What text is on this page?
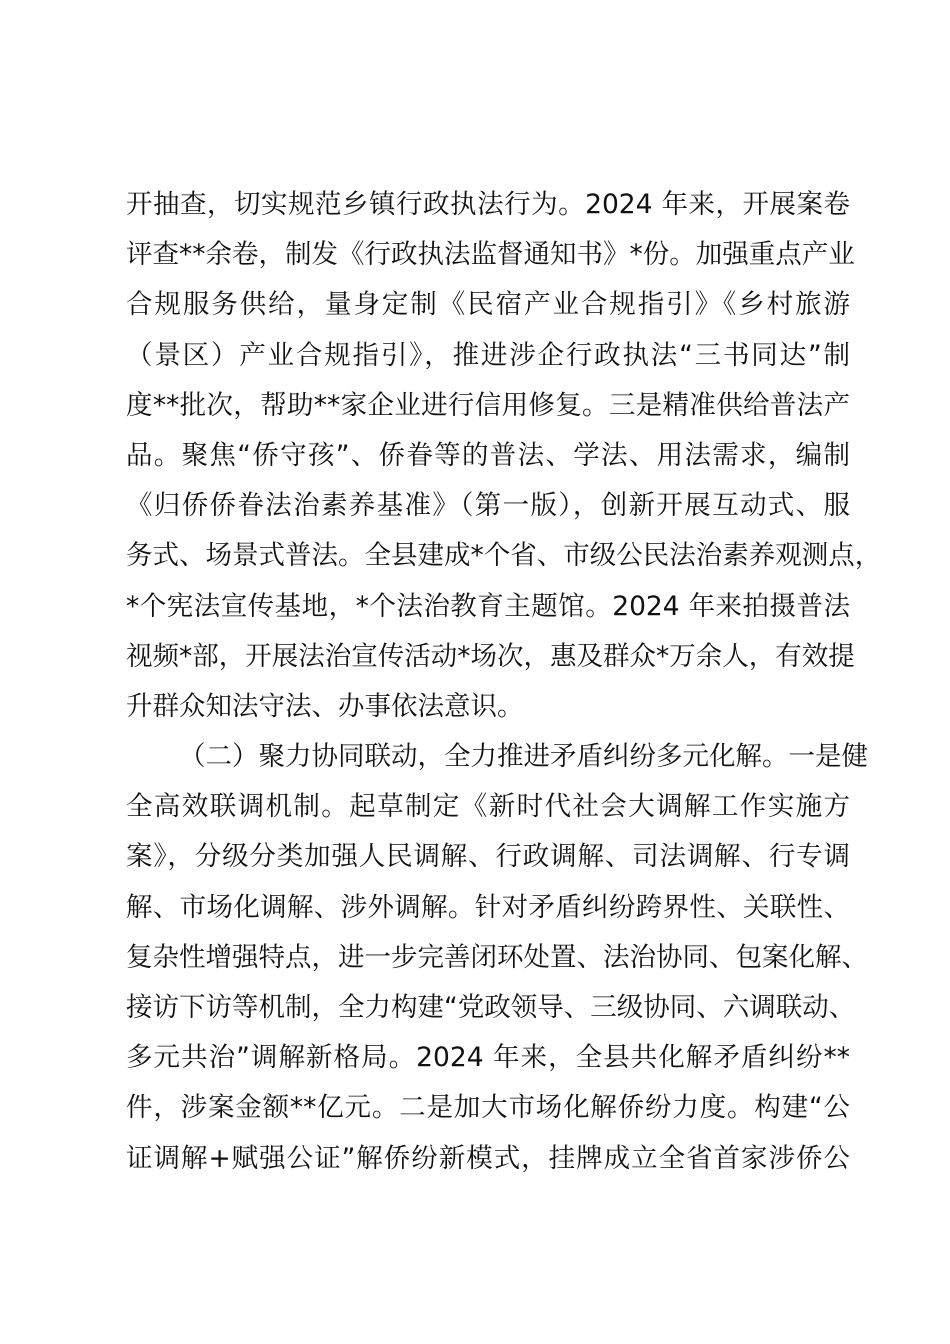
开抽查，切实规范乡镇行政执法行为。2024 年来，开展案卷
评查**余卷，制发《行政执法监督通知书》*份。加强重点产业
合规服务供给，量身定制《民宿产业合规指引》《乡村旅游
（景区）产业合规指引》，推进涉企行政执法“三书同达”制
度**批次，帮助**家企业进行信用修复。三是精准供给普法产
品。聚焦“侨守孩”、侨眷等的普法、学法、用法需求，编制
《归侨侨眷法治素养基准》（第一版），创新开展互动式、服
务式、场景式普法。全县建成*个省、市级公民法治素养观测点，
*个宪法宣传基地，*个法治教育主题馆。2024 年来拍摄普法
视频*部，开展法治宣传活动*场次，惠及群众*万余人，有效提
升群众知法守法、办事依法意识。
（二）聚力协同联动，全力推进矛盾纠纷多元化解。一是健
全高效联调机制。起草制定《新时代社会大调解工作实施方
案》，分级分类加强人民调解、行政调解、司法调解、行专调
解、市场化调解、涉外调解。针对矛盾纠纷跨界性、关联性、
复杂性增强特点，进一步完善闭环处置、法治协同、包案化解、
接访下访等机制，全力构建“党政领导、三级协同、六调联动、
多元共治”调解新格局。2024 年来，全县共化解矛盾纠纷**
件，涉案金额**亿元。二是加大市场化解侨纷力度。构建“公
证调解+赋强公证”解侨纷新模式，挂牌成立全省首家涉侨公
